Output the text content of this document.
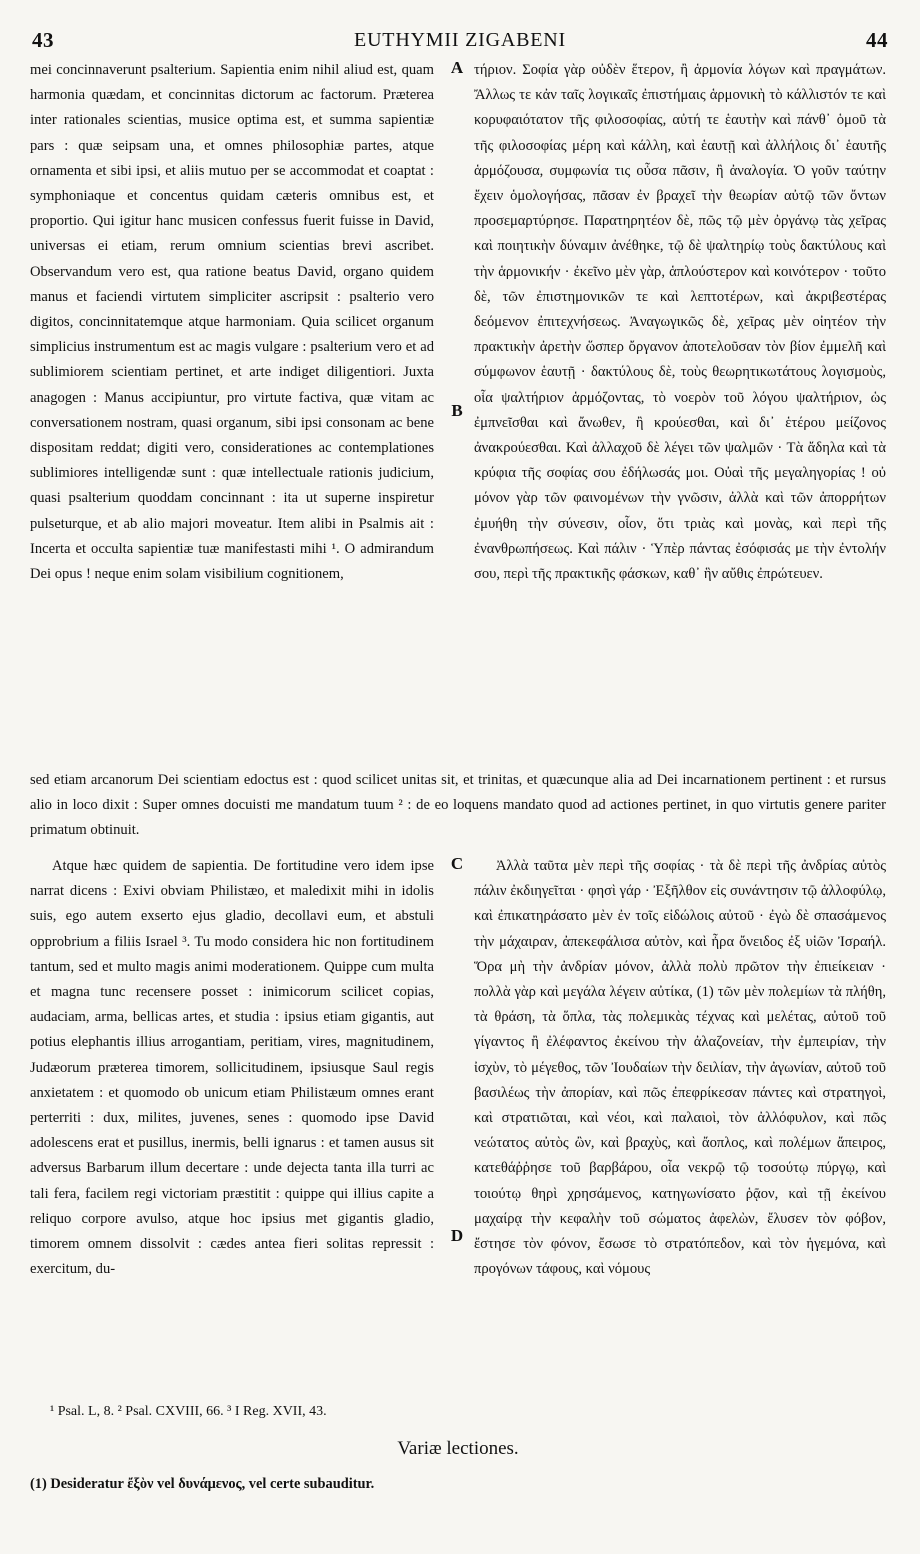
43	EUTHYMII ZIGABENI	44

mei concinnaverunt psalterium. Sapientia enim nihil aliud est, quam harmonia quædam, et concinnitas dictorum ac factorum. Præterea inter rationales scientias, musice optima est, et summa sapientiæ pars : quæ seipsam una, et omnes philosophiæ partes, atque ornamenta et sibi ipsi, et aliis mutuo per se accommodat et coaptat : symphoniaque et concentus quidam cæteris omnibus est, et proportio. Qui igitur hanc musicen confessus fuerit fuisse in David, universas ei etiam, rerum omnium scientias brevi ascribet. Observandum vero est, qua ratione beatus David, organo quidem manus et faciendi virtutem simpliciter ascripsit : psalterio vero digitos, concinnitatemque atque harmoniam. Quia scilicet organum simplicius instrumentum est ac magis vulgare : psalterium vero et ad sublimiorem scientiam pertinet, et arte indiget diligentiori. Juxta anagogen : Manus accipiuntur, pro virtute factiva, quæ vitam ac conversationem nostram, quasi organum, sibi ipsi consonam ac bene dispositam reddat; digiti vero, considerationes ac contemplationes sublimiores intelligendæ sunt : quæ intellectuale rationis judicium, quasi psalterium quoddam concinnant : ita ut superne inspiretur pulseturque, et ab alio majori moveatur. Item alibi in Psalmis ait : Incerta et occulta sapientiæ tuæ manifestasti mihi ¹. O admirandum Dei opus ! neque enim solam visibilium cognitionem,

A
B

τήριον. Σοφία γὰρ οὐδὲν ἕτερον, ἢ ἁρμονία λόγων καὶ πραγμάτων. Ἄλλως τε κἀν ταῖς λογικαῖς ἐπιστήμαις ἁρμονικὴ τὸ κάλλιστόν τε καὶ κορυφαιότατον τῆς φιλοσοφίας, αὐτή τε ἑαυτὴν καὶ πάνθ᾽ ὁμοῦ τὰ τῆς φιλοσοφίας μέρη καὶ κάλλη, καὶ ἑαυτῇ καὶ ἀλλήλοις δι᾽ ἑαυτῆς ἁρμόζουσα, συμφωνία τις οὖσα πᾶσιν, ἢ ἀναλογία. Ὁ γοῦν ταύτην ἔχειν ὁμολογήσας, πᾶσαν ἐν βραχεῖ τὴν θεωρίαν αὐτῷ τῶν ὄντων προσεμαρτύρησε. Παρατηρητέον δὲ, πῶς τῷ μὲν ὀργάνῳ τὰς χεῖρας καὶ ποιητικὴν δύναμιν ἀνέθηκε, τῷ δὲ ψαλτηρίῳ τοὺς δακτύλους καὶ τὴν ἁρμονικήν · ἐκεῖνο μὲν γὰρ, ἁπλούστερον καὶ κοινότερον · τοῦτο δὲ, τῶν ἐπιστημονικῶν τε καὶ λεπτοτέρων, καὶ ἀκριβεστέρας δεόμενον ἐπιτεχνήσεως. Ἀναγωγικῶς δὲ, χεῖρας μὲν οἰητέον τὴν πρακτικὴν ἀρετὴν ὥσπερ ὄργανον ἀποτελοῦσαν τὸν βίον ἐμμελῆ καὶ σύμφωνον ἑαυτῇ · δακτύλους δὲ, τοὺς θεωρητικωτάτους λογισμοὺς, οἷα ψαλτήριον ἁρμόζοντας, τὸ νοερὸν τοῦ λόγου ψαλτήριον, ὡς ἐμπνεῖσθαι καὶ ἄνωθεν, ἢ κρούεσθαι, καὶ δι᾽ ἑτέρου μείζονος ἀνακρούεσθαι. Καὶ ἀλλαχοῦ δὲ λέγει τῶν ψαλμῶν · Τὰ ἄδηλα καὶ τὰ κρύφια τῆς σοφίας σου ἐδήλωσάς μοι. Οὐαὶ τῆς μεγαληγορίας ! οὐ μόνον γὰρ τῶν φαινομένων τὴν γνῶσιν, ἀλλὰ καὶ τῶν ἀπορρήτων ἐμυήθη τὴν σύνεσιν, οἷον, ὅτι τριὰς καὶ μονὰς, καὶ περὶ τῆς ἐνανθρωπήσεως. Καὶ πάλιν · Ὑπὲρ πάντας ἐσόφισάς με τὴν ἐντολήν σου, περὶ τῆς πρακτικῆς φάσκων, καθ᾽ ἣν αὔθις ἐπρώτευεν.

sed etiam arcanorum Dei scientiam edoctus est : quod scilicet unitas sit, et trinitas, et quæcunque alia ad Dei incarnationem pertinent : et rursus alio in loco dixit : Super omnes docuisti me mandatum tuum ² : de eo loquens mandato quod ad actiones pertinet, in quo virtutis genere pariter primatum obtinuit.

Atque hæc quidem de sapientia. De fortitudine vero idem ipse narrat dicens : Exivi obviam Philistæo, et maledixit mihi in idolis suis, ego autem exserto ejus gladio, decollavi eum, et abstuli opprobrium a filiis Israel ³. Tu modo considera hic non fortitudinem tantum, sed et multo magis animi moderationem. Quippe cum multa et magna tunc recensere posset : inimicorum scilicet copias, audaciam, arma, bellicas artes, et studia : ipsius etiam gigantis, aut potius elephantis illius arrogantiam, peritiam, vires, magnitudinem, Judæorum præterea timorem, sollicitudinem, ipsiusque Saul regis anxietatem : et quomodo ob unicum etiam Philistæum omnes erant perterriti : dux, milites, juvenes, senes : quomodo ipse David adolescens erat et pusillus, inermis, belli ignarus : et tamen ausus sit adversus Barbarum illum decertare : unde dejecta tanta illa turri ac tali fera, facilem regi victoriam præstitit : quippe qui illius capite a reliquo corpore avulso, atque hoc ipsius met gigantis gladio, timorem omnem dissolvit : cædes antea fieri solitas repressit : exercitum, du-

C
D

Ἀλλὰ ταῦτα μὲν περὶ τῆς σοφίας · τὰ δὲ περὶ τῆς ἀνδρίας αὐτὸς πάλιν ἐκδιηγεῖται · φησὶ γάρ · Ἐξῆλθον εἰς συνάντησιν τῷ ἀλλοφύλῳ, καὶ ἐπικατηράσατο μὲν ἐν τοῖς εἰδώλοις αὐτοῦ · ἐγὼ δὲ σπασάμενος τὴν μάχαιραν, ἀπεκεφάλισα αὐτὸν, καὶ ἦρα ὄνειδος ἐξ υἱῶν Ἰσραήλ. Ὅρα μὴ τὴν ἀνδρίαν μόνον, ἀλλὰ πολὺ πρῶτον τὴν ἐπιείκειαν · πολλὰ γὰρ καὶ μεγάλα λέγειν αὐτίκα, (1) τῶν μὲν πολεμίων τὰ πλήθη, τὰ θράση, τὰ ὅπλα, τὰς πολεμικὰς τέχνας καὶ μελέτας, αὐτοῦ τοῦ γίγαντος ἢ ἐλέφαντος ἐκείνου τὴν ἀλαζονείαν, τὴν ἐμπειρίαν, τὴν ἰσχὺν, τὸ μέγεθος, τῶν Ἰουδαίων τὴν δειλίαν, τὴν ἀγωνίαν, αὐτοῦ τοῦ βασιλέως τὴν ἀπορίαν, καὶ πῶς ἐπεφρίκεσαν πάντες καὶ στρατηγοὶ, καὶ στρατιῶται, καὶ νέοι, καὶ παλαιοὶ, τὸν ἀλλόφυλον, καὶ πῶς νεώτατος αὐτὸς ὢν, καὶ βραχὺς, καὶ ἄοπλος, καὶ πολέμων ἄπειρος, κατεθάῤῥησε τοῦ βαρβάρου, οἷα νεκρῷ τῷ τοσούτῳ πύργῳ, καὶ τοιούτῳ θηρὶ χρησάμενος, κατηγωνίσατο ῥᾷον, καὶ τῇ ἐκείνου μαχαίρᾳ τὴν κεφαλὴν τοῦ σώματος ἀφελὼν, ἔλυσεν τὸν φόβον, ἔστησε τὸν φόνον, ἔσωσε τὸ στρατόπεδον, καὶ τὸν ἡγεμόνα, καὶ προγόνων τάφους, καὶ νόμους

¹ Psal. L, 8. ² Psal. CXVIII, 66. ³ I Reg. XVII, 43.
Variæ lectiones.
(1) Desideratur ἔξὸν vel δυνάμενος, vel certe subauditur.
